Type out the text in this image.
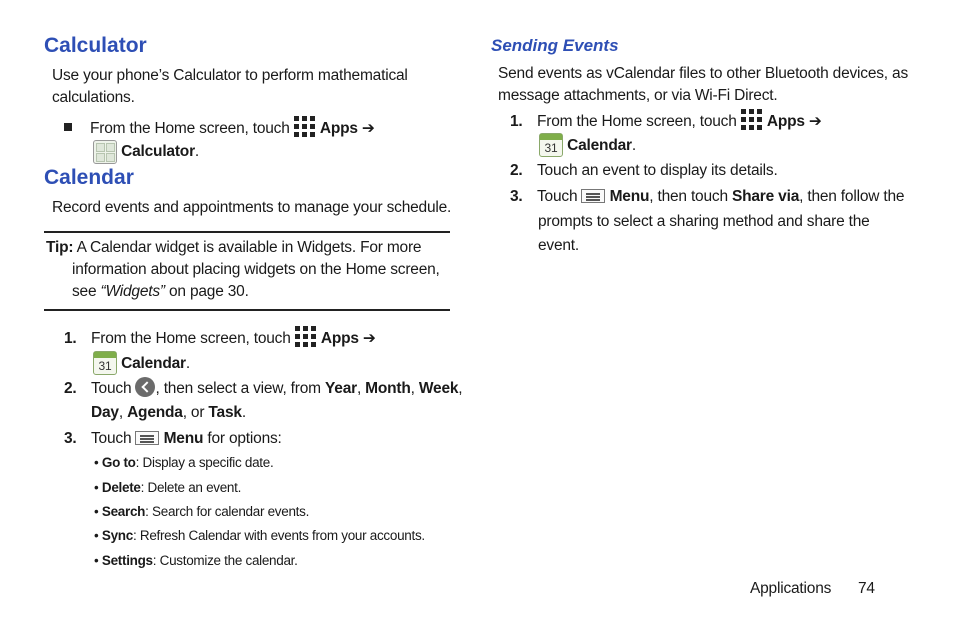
Calculator
Use your phone’s Calculator to perform mathematical
calculations.
From the Home screen, touch Apps ➔
Calculator.
Calendar
Record events and appointments to manage your schedule.
Tip: A Calendar widget is available in Widgets. For more
information about placing widgets on the Home screen,
see “Widgets” on page 30.
1. From the Home screen, touch Apps ➔
31 Calendar.
2. Touch , then select a view, from Year, Month, Week,
Day, Agenda, or Task.
3. Touch Menu for options:
• Go to: Display a specific date.
• Delete: Delete an event.
• Search: Search for calendar events.
• Sync: Refresh Calendar with events from your accounts.
• Settings: Customize the calendar.
Sending Events
Send events as vCalendar files to other Bluetooth devices, as
message attachments, or via Wi-Fi Direct.
1. From the Home screen, touch Apps ➔
31 Calendar.
2. Touch an event to display its details.
3. Touch Menu, then touch Share via, then follow the
prompts to select a sharing method and share the
event.
Applications 74
